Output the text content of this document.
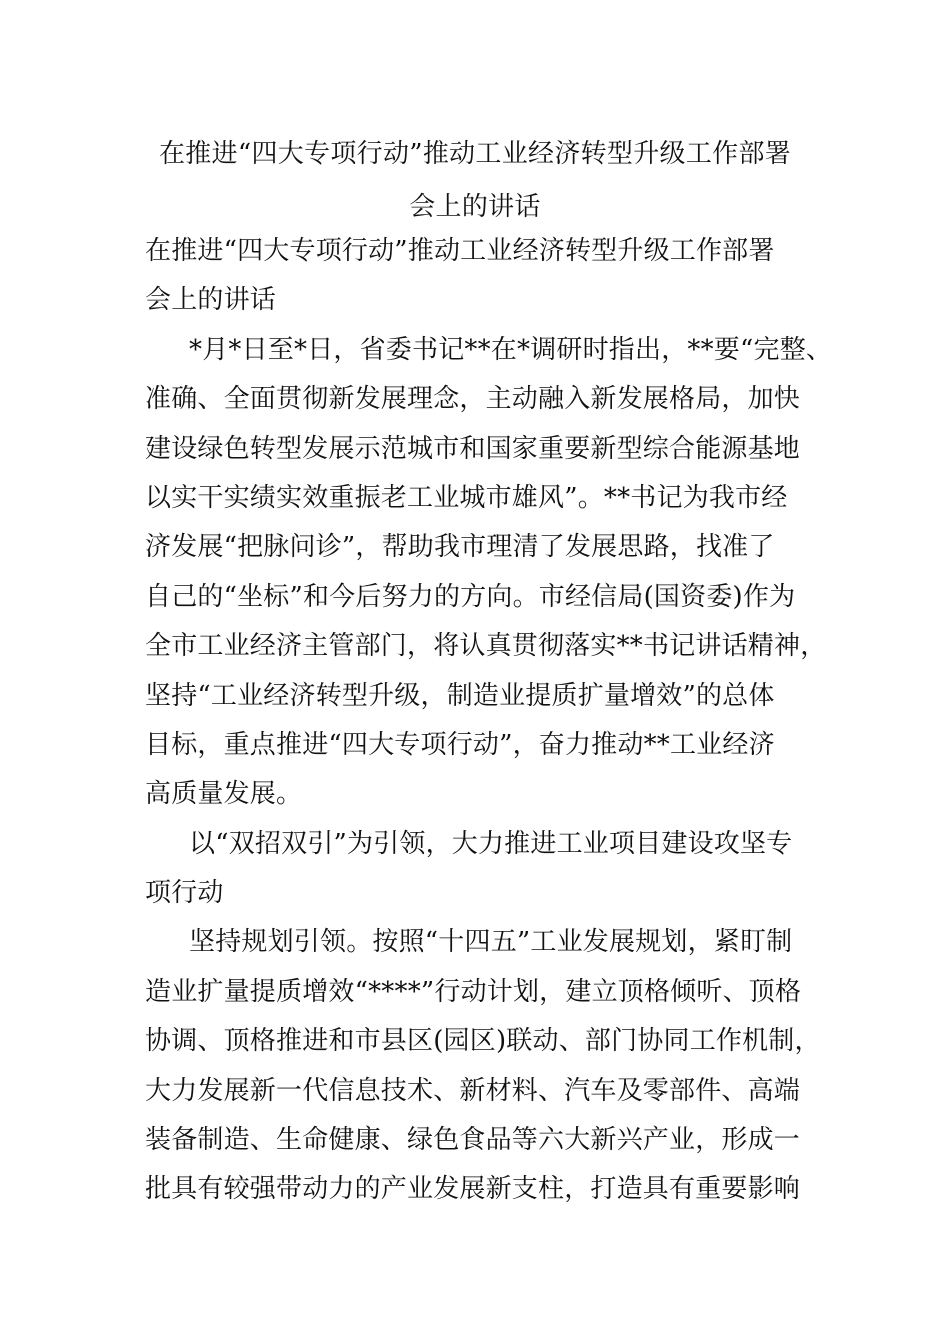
在推进“四大专项行动”推动工业经济转型升级工作部署
会上的讲话
在推进“四大专项行动”推动工业经济转型升级工作部署
会上的讲话
*月*日至*日，省委书记**在*调研时指出，**要“完整、
准确、全面贯彻新发展理念，主动融入新发展格局，加快
建设绿色转型发展示范城市和国家重要新型综合能源基地
以实干实绩实效重振老工业城市雄风”。**书记为我市经
济发展“把脉问诊”，帮助我市理清了发展思路，找准了
自己的“坐标”和今后努力的方向。市经信局(国资委)作为
全市工业经济主管部门，将认真贯彻落实**书记讲话精神，
坚持“工业经济转型升级，制造业提质扩量增效”的总体
目标，重点推进“四大专项行动”，奋力推动**工业经济
高质量发展。
以“双招双引”为引领，大力推进工业项目建设攻坚专
项行动
坚持规划引领。按照“十四五”工业发展规划，紧盯制
造业扩量提质增效“****”行动计划，建立顶格倾听、顶格
协调、顶格推进和市县区(园区)联动、部门协同工作机制，
大力发展新一代信息技术、新材料、汽车及零部件、高端
装备制造、生命健康、绿色食品等六大新兴产业，形成一
批具有较强带动力的产业发展新支柱，打造具有重要影响
